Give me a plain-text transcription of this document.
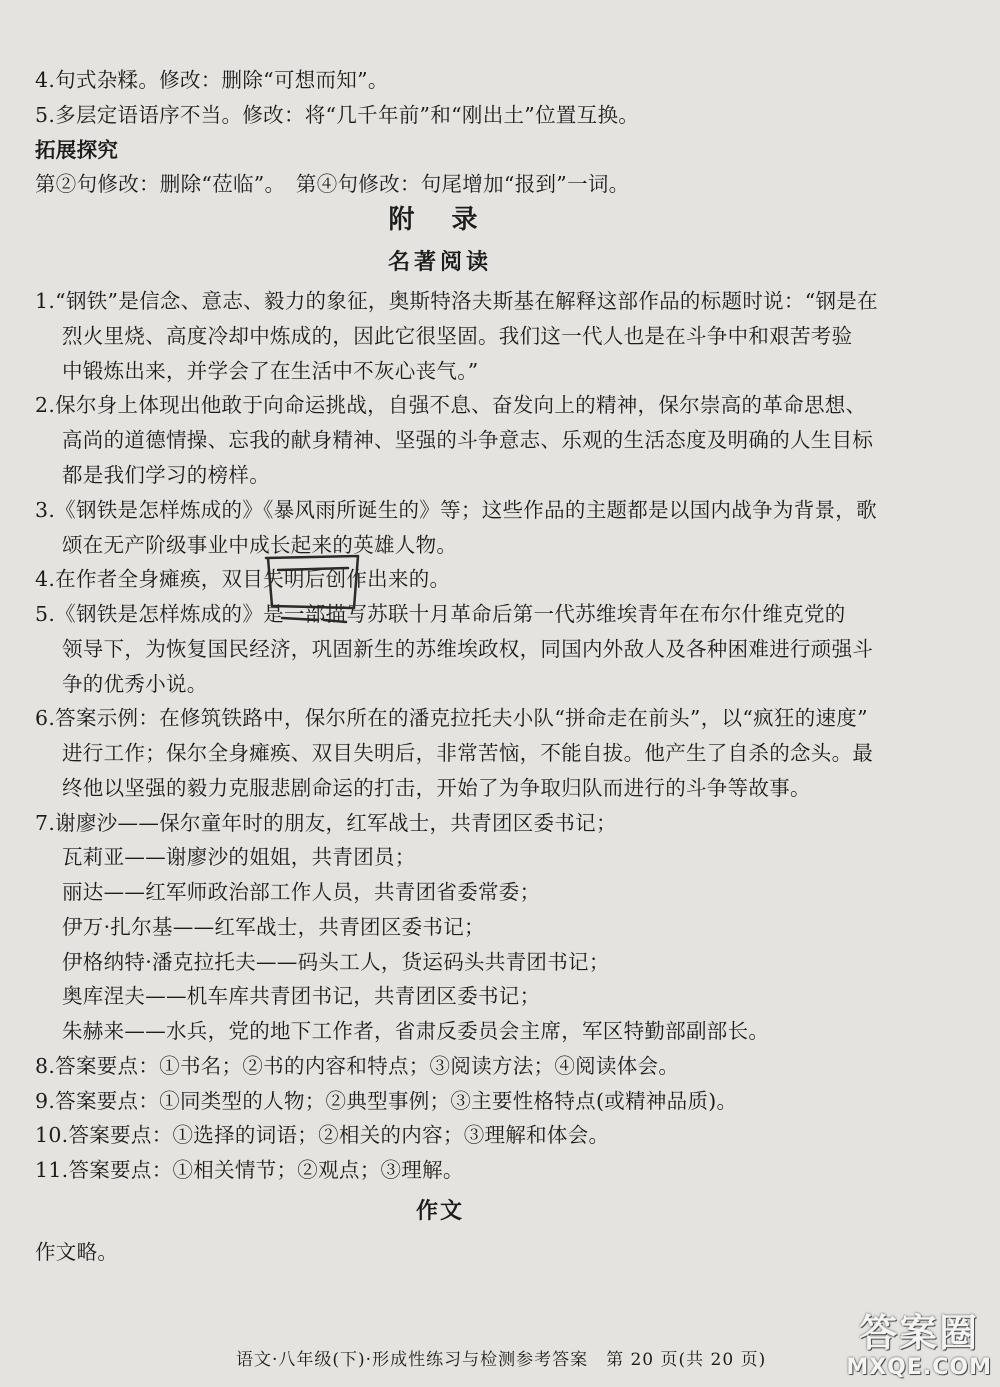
4.句式杂糅。修改：删除“可想而知”。

5.多层定语语序不当。修改：将“几千年前”和“刚出土”位置互换。

拓展探究

第②句修改：删除“莅临”。　第④句修改：句尾增加“报到”一词。

附 录

名著阅读

1.“钢铁”是信念、意志、毅力的象征，奥斯特洛夫斯基在解释这部作品的标题时说：“钢是在

烈火里烧、高度冷却中炼成的，因此它很坚固。我们这一代人也是在斗争中和艰苦考验

中锻炼出来，并学会了在生活中不灰心丧气。”

2.保尔身上体现出他敢于向命运挑战，自强不息、奋发向上的精神，保尔崇高的革命思想、

高尚的道德情操、忘我的献身精神、坚强的斗争意志、乐观的生活态度及明确的人生目标

都是我们学习的榜样。

3.《钢铁是怎样炼成的》《暴风雨所诞生的》等；这些作品的主题都是以国内战争为背景，歌

颂在无产阶级事业中成长起来的英雄人物。

4.在作者全身瘫痪，双目失明后创作出来的。

5.《钢铁是怎样炼成的》是一部描写苏联十月革命后第一代苏维埃青年在布尔什维克党的

领导下，为恢复国民经济，巩固新生的苏维埃政权，同国内外敌人及各种困难进行顽强斗

争的优秀小说。

6.答案示例：在修筑铁路中，保尔所在的潘克拉托夫小队“拼命走在前头”，以“疯狂的速度”

进行工作；保尔全身瘫痪、双目失明后，非常苦恼，不能自拔。他产生了自杀的念头。最

终他以坚强的毅力克服悲剧命运的打击，开始了为争取归队而进行的斗争等故事。

7.谢廖沙——保尔童年时的朋友，红军战士，共青团区委书记；

瓦莉亚——谢廖沙的姐姐，共青团员；

丽达——红军师政治部工作人员，共青团省委常委；

伊万·扎尔基——红军战士，共青团区委书记；

伊格纳特·潘克拉托夫——码头工人，货运码头共青团书记；

奥库涅夫——机车库共青团书记，共青团区委书记；

朱赫来——水兵，党的地下工作者，省肃反委员会主席，军区特勤部副部长。

8.答案要点：①书名；②书的内容和特点；③阅读方法；④阅读体会。

9.答案要点：①同类型的人物；②典型事例；③主要性格特点(或精神品质)。

10.答案要点：①选择的词语；②相关的内容；③理解和体会。

11.答案要点：①相关情节；②观点；③理解。

作文

作文略。

语文·八年级(下)·形成性练习与检测参考答案　第 20 页(共 20 页)

答案圈
MXQE.COM
